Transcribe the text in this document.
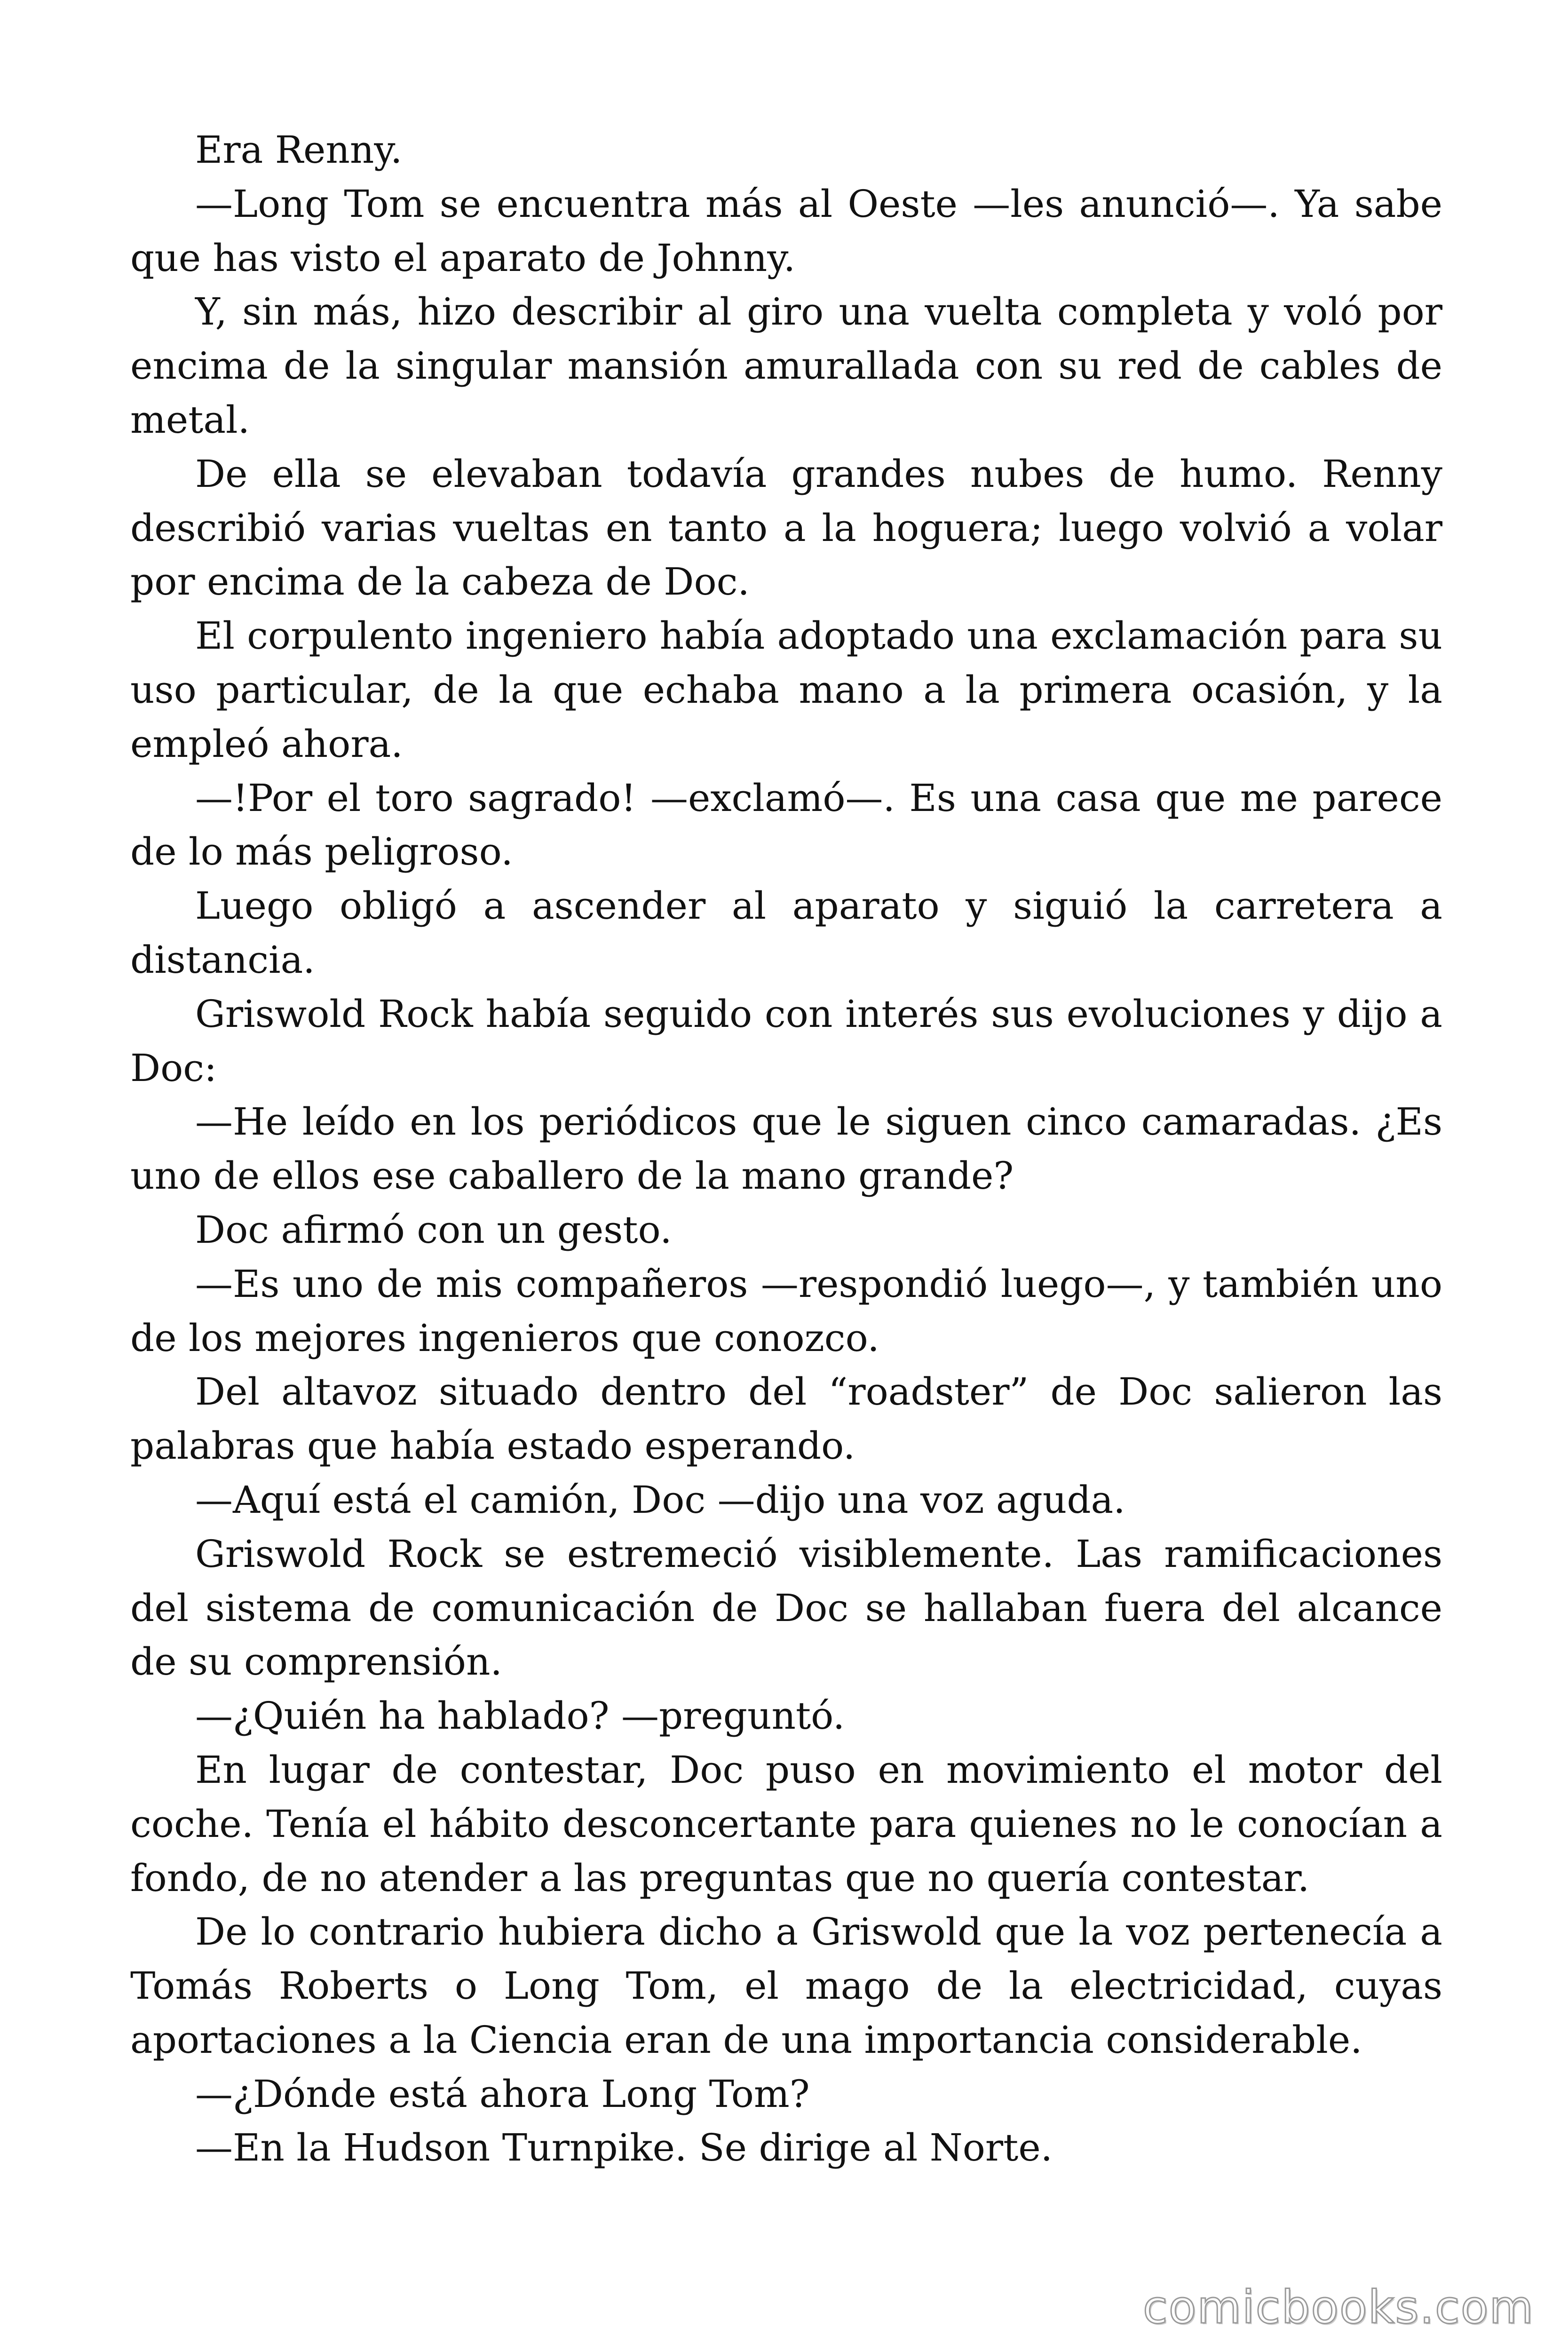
Era Renny.

—Long Tom se encuentra más al Oeste —les anunció—. Ya sabe que has visto el aparato de Johnny.

Y, sin más, hizo describir al giro una vuelta completa y voló por encima de la singular mansión amurallada con su red de cables de metal.

De ella se elevaban todavía grandes nubes de humo. Renny describió varias vueltas en tanto a la hoguera; luego volvió a volar por encima de la cabeza de Doc.

El corpulento ingeniero había adoptado una exclamación para su uso particular, de la que echaba mano a la primera ocasión, y la empleó ahora.

—!Por el toro sagrado! —exclamó—. Es una casa que me parece de lo más peligroso.

Luego obligó a ascender al aparato y siguió la carretera a distancia.

Griswold Rock había seguido con interés sus evoluciones y dijo a Doc:

—He leído en los periódicos que le siguen cinco camaradas. ¿Es uno de ellos ese caballero de la mano grande?

Doc afirmó con un gesto.

—Es uno de mis compañeros —respondió luego—, y también uno de los mejores ingenieros que conozco.

Del altavoz situado dentro del “roadster” de Doc salieron las palabras que había estado esperando.

—Aquí está el camión, Doc —dijo una voz aguda.

Griswold Rock se estremeció visiblemente. Las ramificaciones del sistema de comunicación de Doc se hallaban fuera del alcance de su comprensión.

—¿Quién ha hablado? —preguntó.

En lugar de contestar, Doc puso en movimiento el motor del coche. Tenía el hábito desconcertante para quienes no le conocían a fondo, de no atender a las preguntas que no quería contestar.

De lo contrario hubiera dicho a Griswold que la voz pertenecía a Tomás Roberts o Long Tom, el mago de la electricidad, cuyas aportaciones a la Ciencia eran de una importancia considerable.

—¿Dónde está ahora Long Tom?

—En la Hudson Turnpike. Se dirige al Norte.

comicbooks.com
